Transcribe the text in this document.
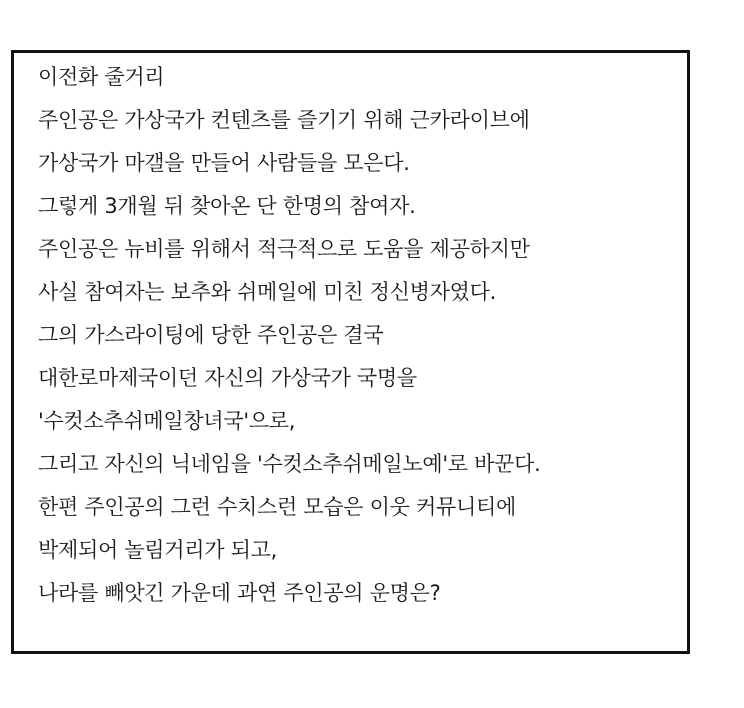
이전화 줄거리
주인공은 가상국가 컨텐츠를 즐기기 위해 근카라이브에
가상국가 마갤을 만들어 사람들을 모은다.
그렇게 3개월 뒤 찾아온 단 한명의 참여자.
주인공은 뉴비를 위해서 적극적으로 도움을 제공하지만
사실 참여자는 보추와 쉬메일에 미친 정신병자였다.
그의 가스라이팅에 당한 주인공은 결국
대한로마제국이던 자신의 가상국가 국명을
'수컷소추쉬메일창녀국'으로,
그리고 자신의 닉네임을 '수컷소추쉬메일노예'로 바꾼다.
한편 주인공의 그런 수치스런 모습은 이웃 커뮤니티에
박제되어 놀림거리가 되고,
나라를 빼앗긴 가운데 과연 주인공의 운명은?
